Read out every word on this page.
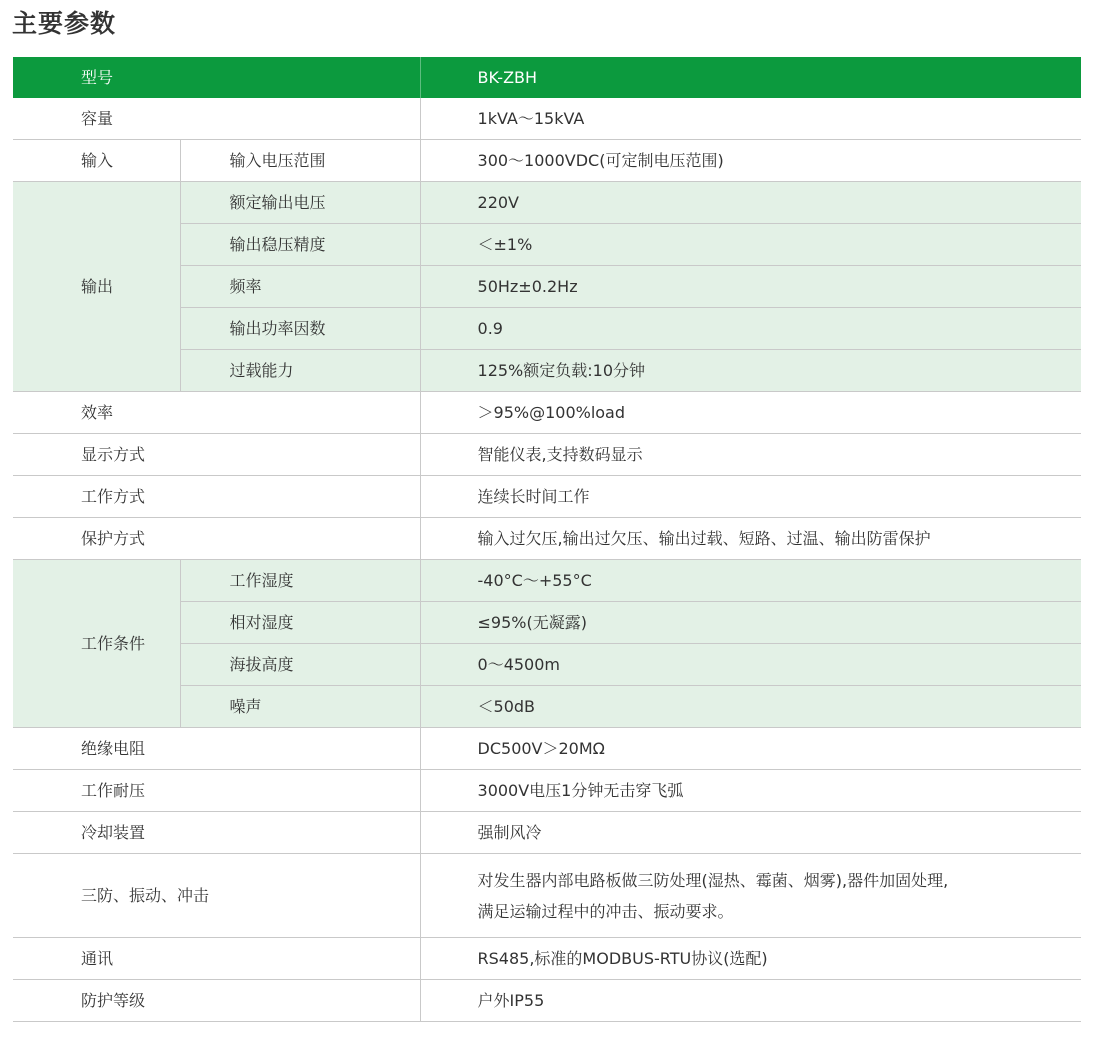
主要参数
型号		BK-ZBH
容量		1kVA～15kVA
输入	输入电压范围	300～1000VDC(可定制电压范围)
输出	额定输出电压	220V
	输出稳压精度	＜±1%
	频率	50Hz±0.2Hz
	输出功率因数	0.9
	过载能力	125%额定负载:10分钟
效率		＞95%@100%load
显示方式		智能仪表,支持数码显示
工作方式		连续长时间工作
保护方式		输入过欠压,输出过欠压、输出过载、短路、过温、输出防雷保护
工作条件	工作湿度	-40°C～+55°C
	相对湿度	≤95%(无凝露)
	海拔高度	0～4500m
	噪声	＜50dB
绝缘电阻		DC500V＞20MΩ
工作耐压		3000V电压1分钟无击穿飞弧
冷却装置		强制风冷
三防、振动、冲击		对发生器内部电路板做三防处理(湿热、霉菌、烟雾),器件加固处理,
满足运输过程中的冲击、振动要求。

通讯		RS485,标准的MODBUS-RTU协议(选配)
防护等级		户外IP55
